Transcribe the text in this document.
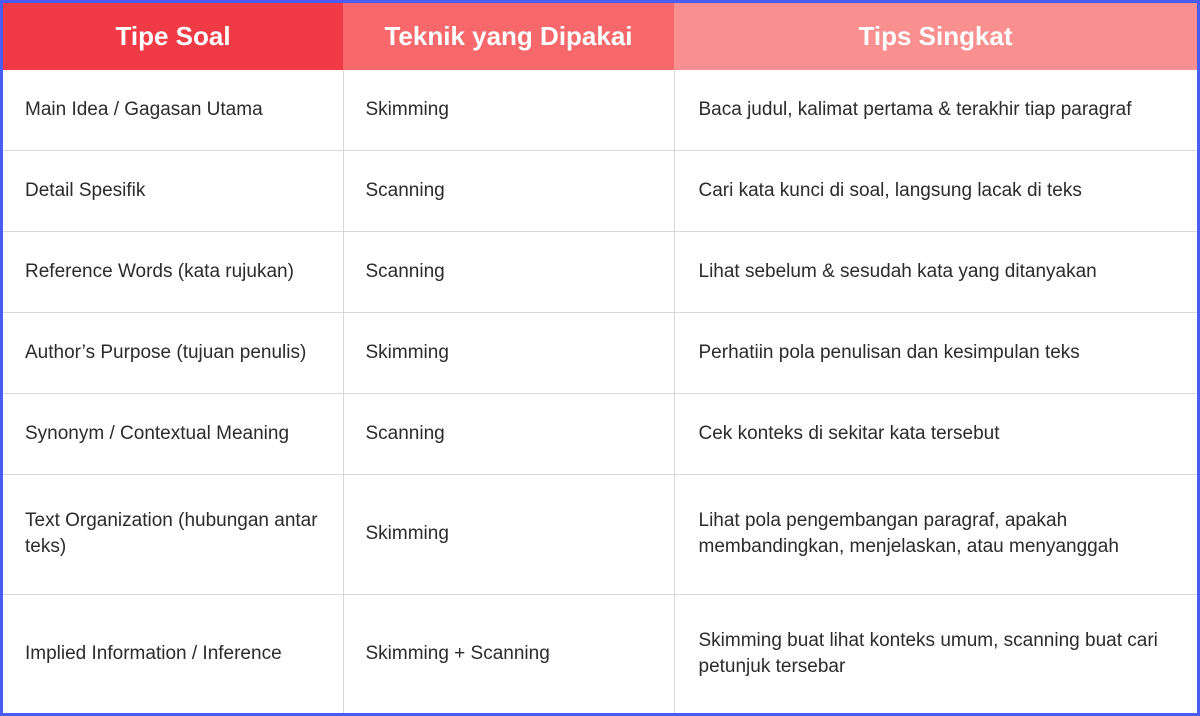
Tipe Soal	Teknik yang Dipakai	Tips Singkat
Main Idea / Gagasan Utama	Skimming	Baca judul, kalimat pertama & terakhir tiap paragraf
Detail Spesifik	Scanning	Cari kata kunci di soal, langsung lacak di teks
Reference Words (kata rujukan)	Scanning	Lihat sebelum & sesudah kata yang ditanyakan
Author’s Purpose (tujuan penulis)	Skimming	Perhatiin pola penulisan dan kesimpulan teks
Synonym / Contextual Meaning	Scanning	Cek konteks di sekitar kata tersebut
Text Organization (hubungan antar teks)	Skimming	Lihat pola pengembangan paragraf, apakah membandingkan, menjelaskan, atau menyanggah
Implied Information / Inference	Skimming + Scanning	Skimming buat lihat konteks umum, scanning buat cari petunjuk tersebar
